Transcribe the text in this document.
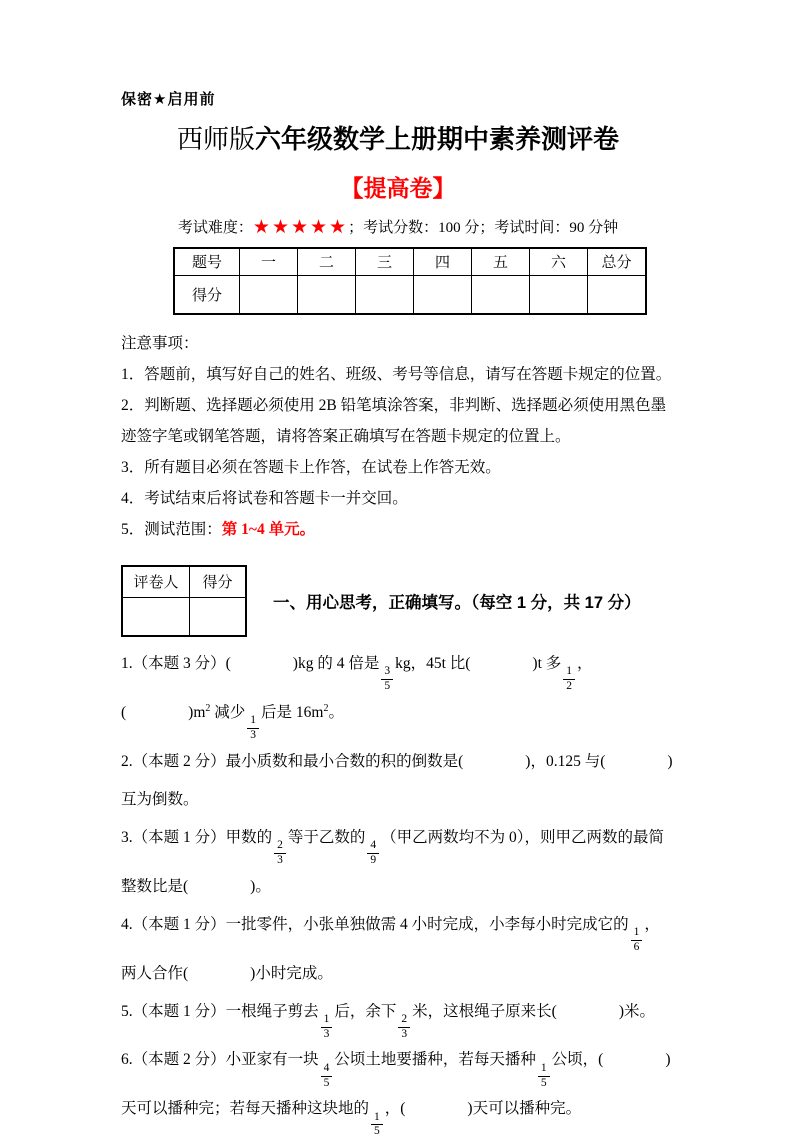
保密★启用前
西师版六年级数学上册期中素养测评卷
【提高卷】
考试难度：★★★★★；考试分数：100 分；考试时间：90 分钟
题号	一	二	三	四	五	六	总分
得分							

注意事项：

1．答题前，填写好自己的姓名、班级、考号等信息，请写在答题卡规定的位置。

2．判断题、选择题必须使用 2B 铅笔填涂答案，非判断、选择题必须使用黑色墨迹签字笔或钢笔答题，请将答案正确填写在答题卡规定的位置上。

3．所有题目必须在答题卡上作答，在试卷上作答无效。

4．考试结束后将试卷和答题卡一并交回。

5．测试范围：第 1~4 单元。

评卷人	得分

一、用心思考，正确填写。（每空 1 分，共 17 分）

1.（本题 3 分）(　　　　)kg 的 4 倍是
$\frac{3}{5}$
kg，45t 比(　　　　)t 多
$\frac{1}{2}$
，(　　　　)$m^2$ 减少
$\frac{1}{3}$
后是 $16m^2$。

2.（本题 2 分）最小质数和最小合数的积的倒数是(　　　　)，0.125 与(　　　　)互为倒数。

3.（本题 1 分）甲数的
$\frac{2}{3}$
等于乙数的
$\frac{4}{9}$
（甲乙两数均不为 0），则甲乙两数的最简整数比是(　　　　)。

4.（本题 1 分）一批零件，小张单独做需 4 小时完成，小李每小时完成它的
$\frac{1}{6}$
，两人合作(　　　　)小时完成。

5.（本题 1 分）一根绳子剪去
$\frac{1}{3}$
后，余下
$\frac{2}{3}$
米，这根绳子原来长(　　　　)米。

6.（本题 2 分）小亚家有一块
$\frac{4}{5}$
公顷土地要播种，若每天播种
$\frac{1}{5}$
公顷，(　　　　)天可以播种完；若每天播种这块地的
$\frac{1}{5}$
，(　　　　)天可以播种完。
